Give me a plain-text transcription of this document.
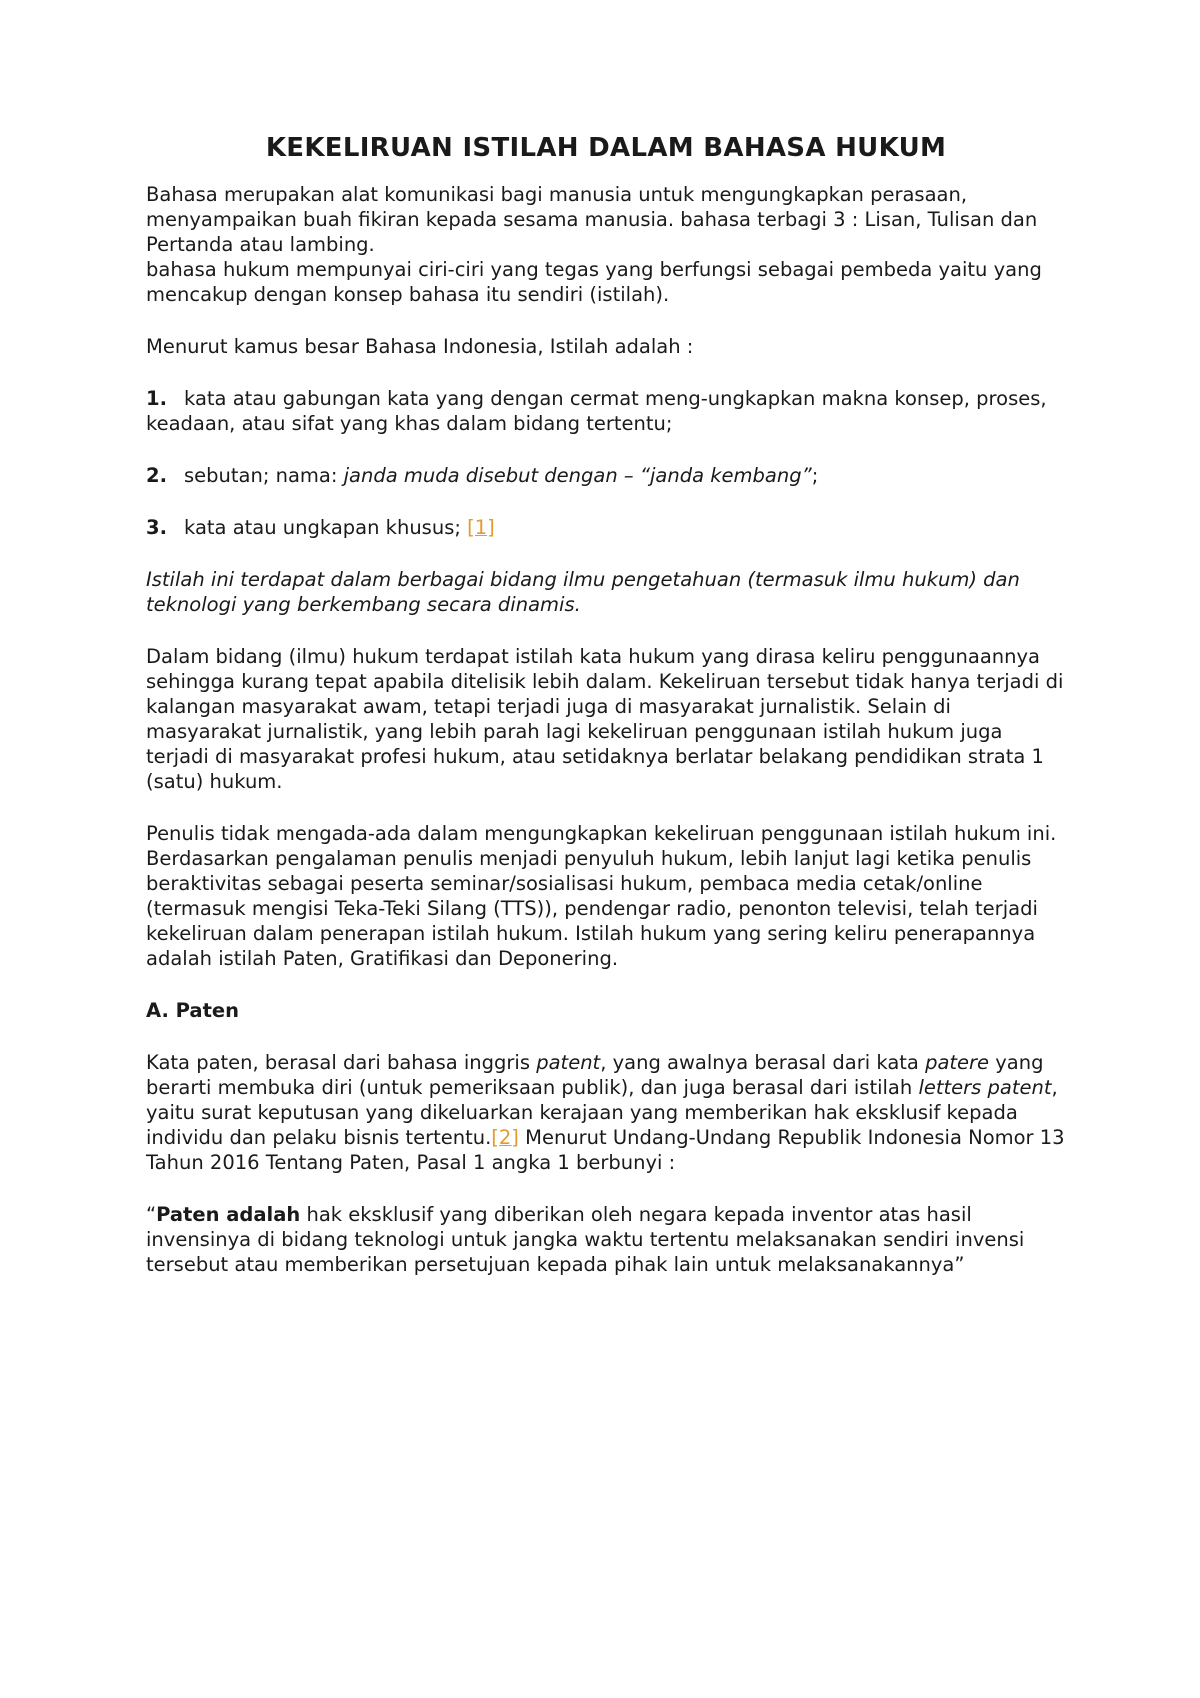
KEKELIRUAN ISTILAH DALAM BAHASA HUKUM

Bahasa merupakan alat komunikasi bagi manusia untuk mengungkapkan perasaan, menyampaikan buah fikiran kepada sesama manusia. bahasa terbagi 3 : Lisan, Tulisan dan Pertanda atau lambing.
bahasa hukum mempunyai ciri-ciri yang tegas yang berfungsi sebagai pembeda yaitu yang mencakup dengan konsep bahasa itu sendiri (istilah).

Menurut kamus besar Bahasa Indonesia, Istilah adalah :

1. kata atau gabungan kata yang dengan cermat meng-ungkapkan makna konsep, proses, keadaan, atau sifat yang khas dalam bidang tertentu;
2. sebutan; nama: janda muda disebut dengan – “janda kembang”;
3. kata atau ungkapan khusus; [1]

Istilah ini terdapat dalam berbagai bidang ilmu pengetahuan (termasuk ilmu hukum) dan teknologi yang berkembang secara dinamis.

Dalam bidang (ilmu) hukum terdapat istilah kata hukum yang dirasa keliru penggunaannya sehingga kurang tepat apabila ditelisik lebih dalam. Kekeliruan tersebut tidak hanya terjadi di kalangan masyarakat awam, tetapi terjadi juga di masyarakat jurnalistik. Selain di masyarakat jurnalistik, yang lebih parah lagi kekeliruan penggunaan istilah hukum juga terjadi di masyarakat profesi hukum, atau setidaknya berlatar belakang pendidikan strata 1 (satu) hukum.

Penulis tidak mengada-ada dalam mengungkapkan kekeliruan penggunaan istilah hukum ini. Berdasarkan pengalaman penulis menjadi penyuluh hukum, lebih lanjut lagi ketika penulis beraktivitas sebagai peserta seminar/sosialisasi hukum, pembaca media cetak/online (termasuk mengisi Teka-Teki Silang (TTS)), pendengar radio, penonton televisi, telah terjadi kekeliruan dalam penerapan istilah hukum. Istilah hukum yang sering keliru penerapannya adalah istilah Paten, Gratifikasi dan Deponering.

A. Paten

Kata paten, berasal dari bahasa inggris patent, yang awalnya berasal dari kata patere yang berarti membuka diri (untuk pemeriksaan publik), dan juga berasal dari istilah letters patent, yaitu surat keputusan yang dikeluarkan kerajaan yang memberikan hak eksklusif kepada individu dan pelaku bisnis tertentu.[2] Menurut Undang-Undang Republik Indonesia Nomor 13 Tahun 2016 Tentang Paten, Pasal 1 angka 1 berbunyi :

“Paten adalah hak eksklusif yang diberikan oleh negara kepada inventor atas hasil invensinya di bidang teknologi untuk jangka waktu tertentu melaksanakan sendiri invensi tersebut atau memberikan persetujuan kepada pihak lain untuk melaksanakannya”
